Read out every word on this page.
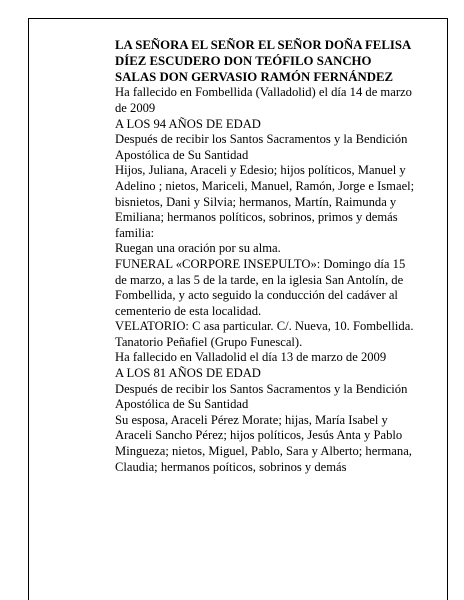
LA SEÑORA EL SEÑOR EL SEÑOR DOÑA FELISA DÍEZ ESCUDERO DON TEÓFILO SANCHO SALAS DON GERVASIO RAMÓN FERNÁNDEZ
Ha fallecido en Fombellida (Valladolid) el día 14 de marzo de 2009
A LOS 94 AÑOS DE EDAD
Después de recibir los Santos Sacramentos y la Bendición Apostólica de Su Santidad
Hijos, Juliana, Araceli y Edesio; hijos políticos, Manuel y Adelino ; nietos, Mariceli, Manuel, Ramón, Jorge e Ismael; bisnietos, Dani y Silvia; hermanos, Martín, Raimunda y Emiliana; hermanos políticos, sobrinos, primos y demás familia:
Ruegan una oración por su alma.
FUNERAL «CORPORE INSEPULTO»: Domingo día 15 de marzo, a las 5 de la tarde, en la iglesia San Antolín, de Fombellida, y acto seguido la conducción del cadáver al cementerio de esta localidad.
VELATORIO: C asa particular. C/. Nueva, 10. Fombellida.
Tanatorio Peñafiel (Grupo Funescal).
Ha fallecido en Valladolid el día 13 de marzo de 2009
A LOS 81 AÑOS DE EDAD
Después de recibir los Santos Sacramentos y la Bendición Apostólica de Su Santidad
Su esposa, Araceli Pérez Morate; hijas, María Isabel y Araceli Sancho Pérez; hijos políticos, Jesús Anta y Pablo Mingueza; nietos, Miguel, Pablo, Sara y Alberto; hermana, Claudia; hermanos poíticos, sobrinos y demás
